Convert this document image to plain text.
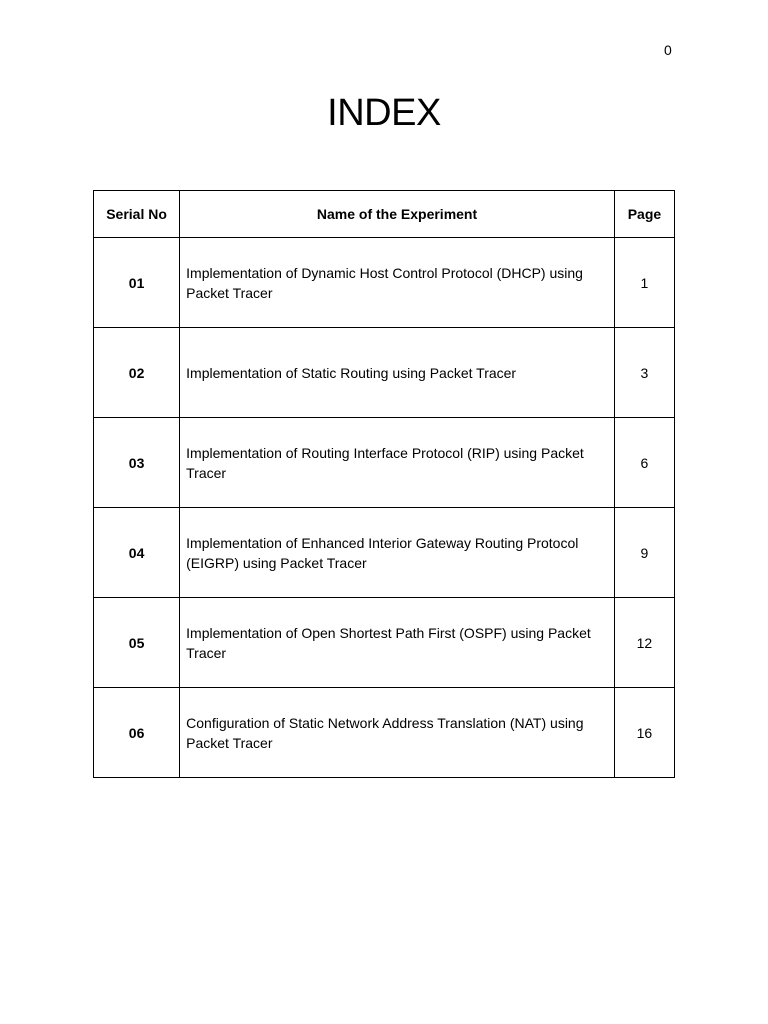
0
INDEX
Serial No	Name of the Experiment	Page
01	Implementation of Dynamic Host Control Protocol (DHCP) using Packet Tracer	1
02	Implementation of Static Routing using Packet Tracer	3
03	Implementation of Routing Interface Protocol (RIP) using Packet Tracer	6
04	Implementation of Enhanced Interior Gateway Routing Protocol (EIGRP) using Packet Tracer	9
05	Implementation of Open Shortest Path First (OSPF) using Packet Tracer	12
06	Configuration of Static Network Address Translation (NAT) using Packet Tracer	16
